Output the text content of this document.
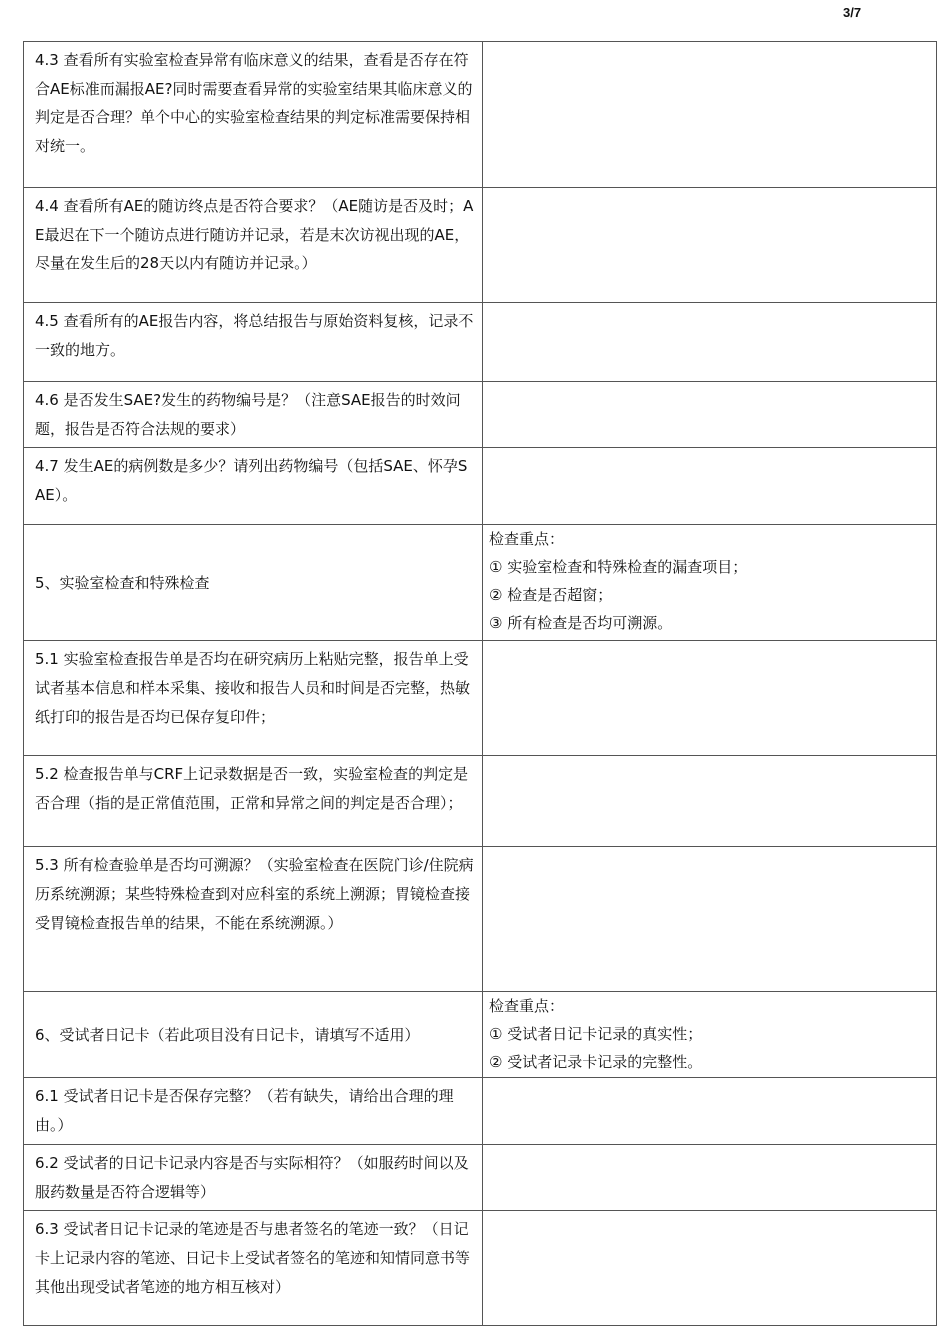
3/7
4.3 查看所有实验室检查异常有临床意义的结果，查看是否存在符合AE标准而漏报AE?同时需要查看异常的实验室结果其临床意义的判定是否合理？单个中心的实验室检查结果的判定标准需要保持相对统一。	
4.4 查看所有AE的随访终点是否符合要求？（AE随访是否及时；AE最迟在下一个随访点进行随访并记录，若是末次访视出现的AE，尽量在发生后的28天以内有随访并记录。）	
4.5 查看所有的AE报告内容，将总结报告与原始资料复核，记录不一致的地方。	
4.6 是否发生SAE?发生的药物编号是？（注意SAE报告的时效问题，报告是否符合法规的要求）	
4.7 发生AE的病例数是多少？请列出药物编号（包括SAE、怀孕SAE）。	
5、实验室检查和特殊检查	检查重点：
① 实验室检查和特殊检查的漏查项目；
② 检查是否超窗；
③ 所有检查是否均可溯源。

5.1 实验室检查报告单是否均在研究病历上粘贴完整，报告单上受试者基本信息和样本采集、接收和报告人员和时间是否完整，热敏纸打印的报告是否均已保存复印件；	
5.2 检查报告单与CRF上记录数据是否一致，实验室检查的判定是否合理（指的是正常值范围，正常和异常之间的判定是否合理）；	
5.3 所有检查验单是否均可溯源？（实验室检查在医院门诊/住院病历系统溯源；某些特殊检查到对应科室的系统上溯源；胃镜检查接受胃镜检查报告单的结果，不能在系统溯源。）	
6、受试者日记卡（若此项目没有日记卡，请填写不适用）	检查重点：
① 受试者日记卡记录的真实性；
② 受试者记录卡记录的完整性。

6.1 受试者日记卡是否保存完整？（若有缺失，请给出合理的理由。）	
6.2 受试者的日记卡记录内容是否与实际相符？（如服药时间以及服药数量是否符合逻辑等）	
6.3 受试者日记卡记录的笔迹是否与患者签名的笔迹一致？（日记卡上记录内容的笔迹、日记卡上受试者签名的笔迹和知情同意书等其他出现受试者笔迹的地方相互核对）	
